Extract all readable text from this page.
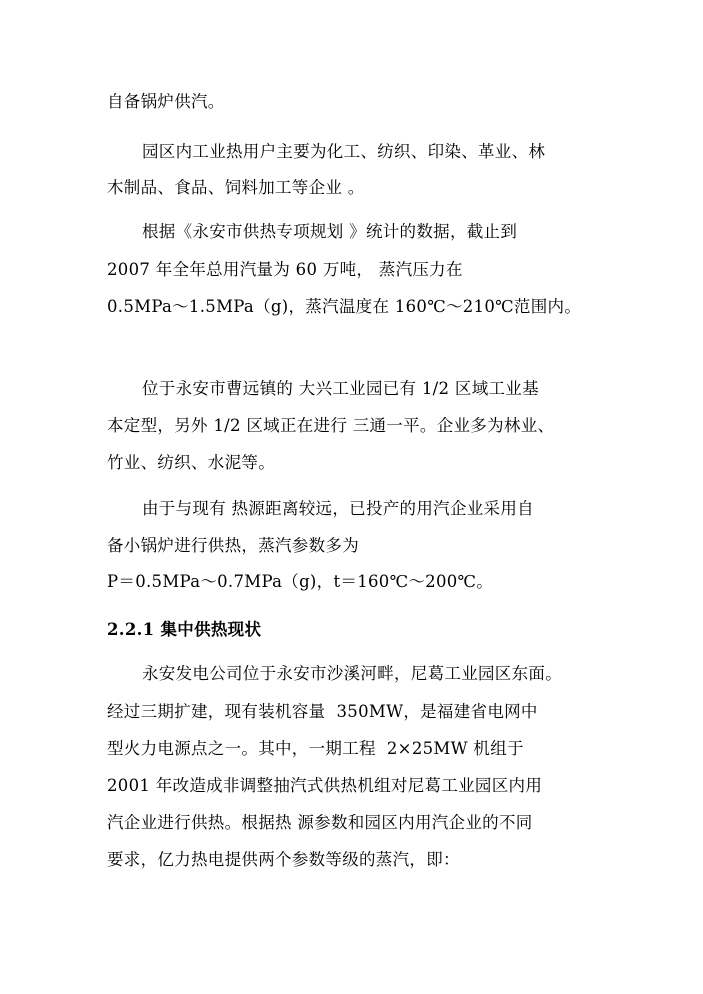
自备锅炉供汽。
园区内工业热用户主要为化工、纺织、印染、革业、林
木制品、食品、饲料加工等企业 。
根据《永安市供热专项规划 》统计的数据，截止到
2007 年全年总用汽量为 60 万吨， 蒸汽压力在
0.5MPa～1.5MPa（g)，蒸汽温度在 160℃～210℃范围内。
位于永安市曹远镇的 大兴工业园已有 1/2 区域工业基
本定型，另外 1/2 区域正在进行 三通一平。企业多为林业、
竹业、纺织、水泥等。
由于与现有 热源距离较远，已投产的用汽企业采用自
备小锅炉进行供热，蒸汽参数多为
P＝0.5MPa～0.7MPa（g)，t＝160℃～200℃。
2.2.1 集中供热现状
永安发电公司位于永安市沙溪河畔，尼葛工业园区东面。
经过三期扩建，现有装机容量  350MW，是福建省电网中
型火力电源点之一。其中，一期工程  2×25MW 机组于
2001 年改造成非调整抽汽式供热机组对尼葛工业园区内用
汽企业进行供热。根据热 源参数和园区内用汽企业的不同
要求，亿力热电提供两个参数等级的蒸汽，即：
